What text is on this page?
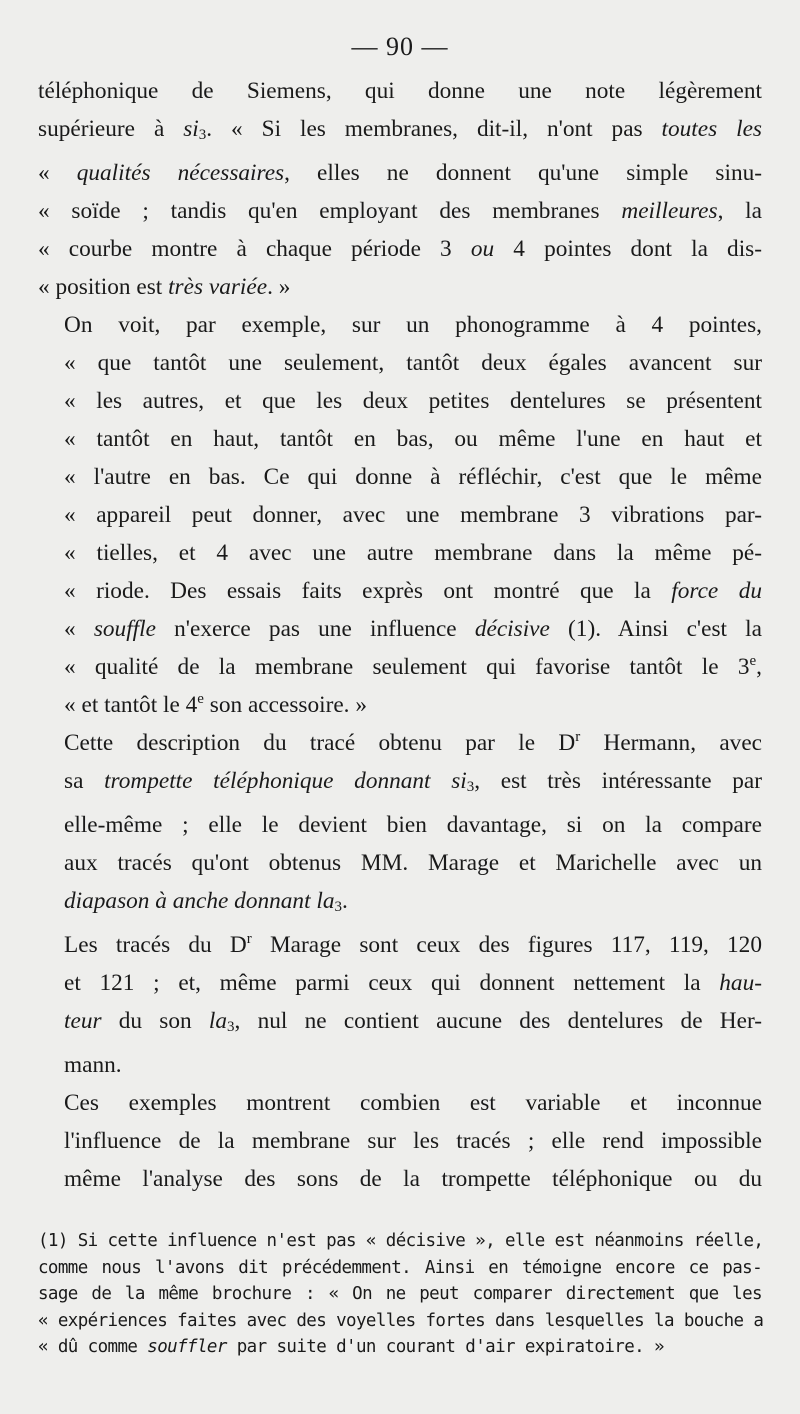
— 90 —
téléphonique de Siemens, qui donne une note légèrement
supérieure à $si_3$. « Si les membranes, dit-il, n'ont pas toutes les
« qualités nécessaires, elles ne donnent qu'une simple sinu-
« soïde ; tandis qu'en employant des membranes meilleures, la
« courbe montre à chaque période 3 ou 4 pointes dont la dis-
« position est très variée. »
On voit, par exemple, sur un phonogramme à 4 pointes,
« que tantôt une seulement, tantôt deux égales avancent sur
« les autres, et que les deux petites dentelures se présentent
« tantôt en haut, tantôt en bas, ou même l'une en haut et
« l'autre en bas. Ce qui donne à réfléchir, c'est que le même
« appareil peut donner, avec une membrane 3 vibrations par-
« tielles, et 4 avec une autre membrane dans la même pé-
« riode. Des essais faits exprès ont montré que la force du
« souffle n'exerce pas une influence décisive (1). Ainsi c'est la
« qualité de la membrane seulement qui favorise tantôt le 3e,
« et tantôt le 4e son accessoire. »
Cette description du tracé obtenu par le $D^r$ Hermann, avec
sa trompette téléphonique donnant $si_3$, est très intéressante par
elle-même ; elle le devient bien davantage, si on la compare
aux tracés qu'ont obtenus MM. Marage et Marichelle avec un
diapason à anche donnant $la_3$.
Les tracés du $D^r$ Marage sont ceux des figures 117, 119, 120
et 121 ; et, même parmi ceux qui donnent nettement la hau-
teur du son $la_3$, nul ne contient aucune des dentelures de Her-
mann.
Ces exemples montrent combien est variable et inconnue
l'influence de la membrane sur les tracés ; elle rend impossible
même l'analyse des sons de la trompette téléphonique ou du
(1) Si cette influence n'est pas « décisive », elle est néanmoins réelle,
comme nous l'avons dit précédemment. Ainsi en témoigne encore ce pas-
sage de la même brochure : « On ne peut comparer directement que les
« expériences faites avec des voyelles fortes dans lesquelles la bouche a
« dû comme souffler par suite d'un courant d'air expiratoire. »
